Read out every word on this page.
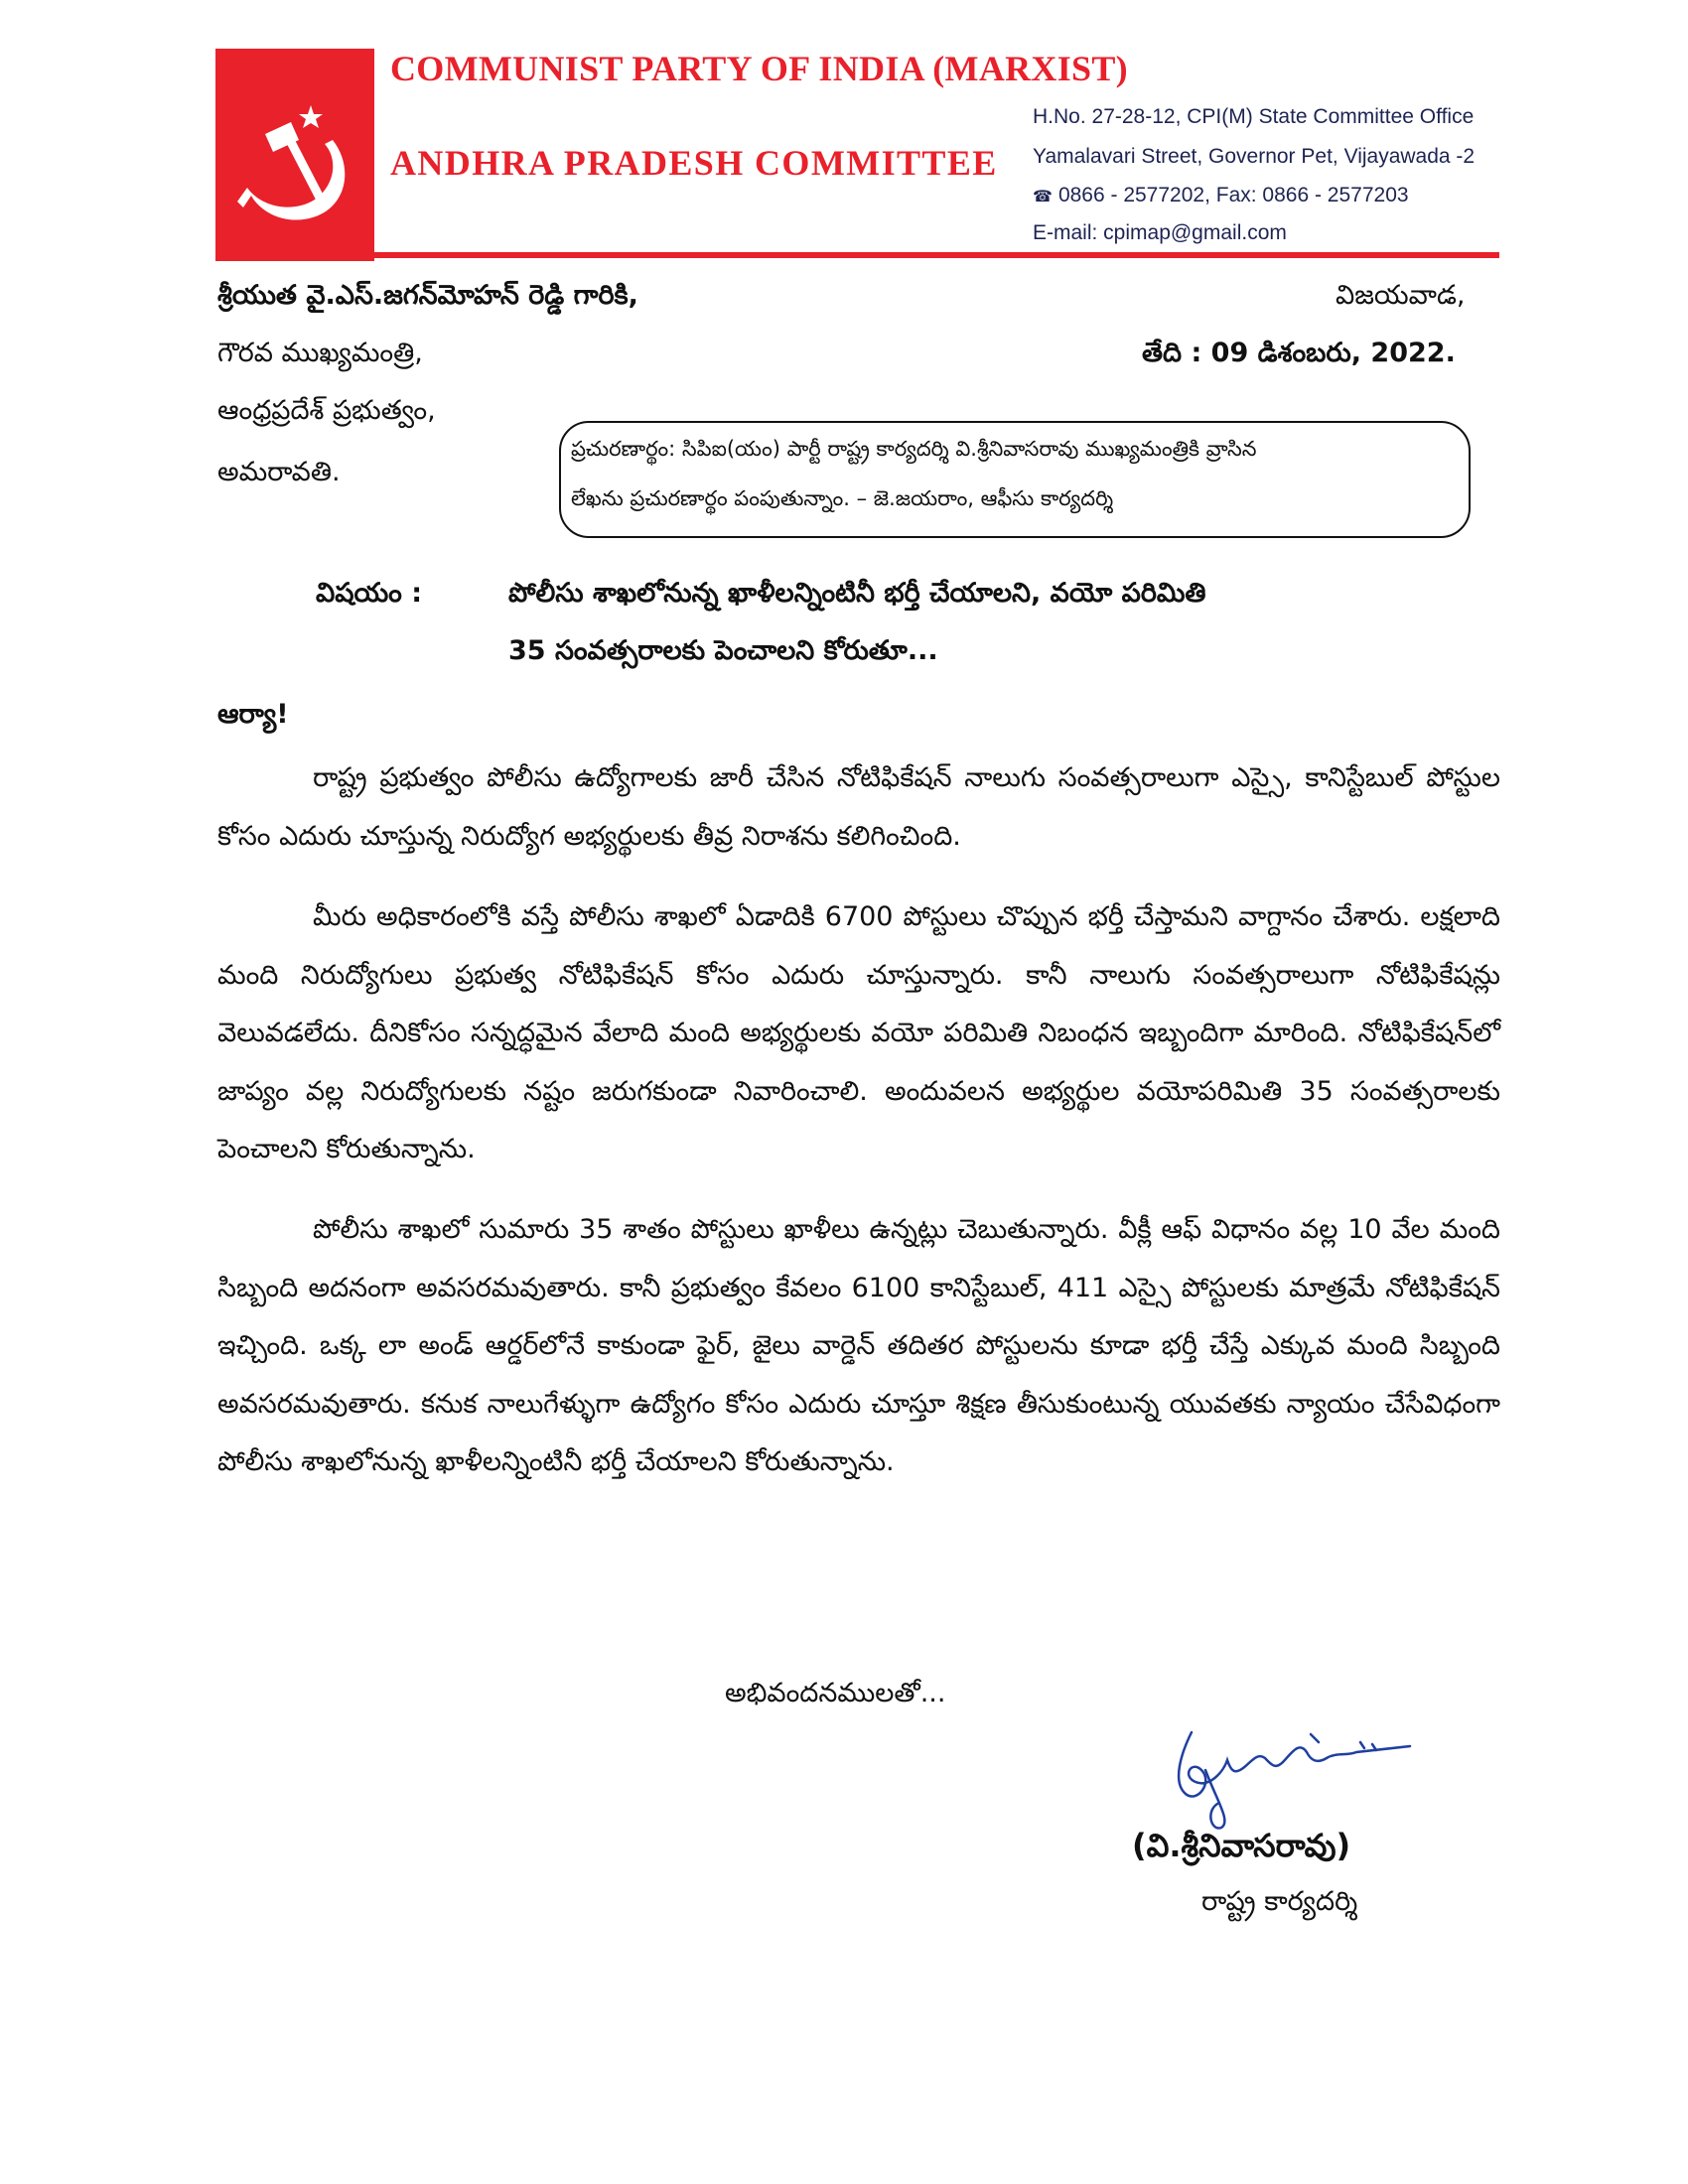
COMMUNIST PARTY OF INDIA (MARXIST)
ANDHRA PRADESH COMMITTEE
H.No. 27-28-12, CPI(M) State Committee Office
Yamalavari Street, Governor Pet, Vijayawada -2
☎ 0866 - 2577202, Fax: 0866 - 2577203
E-mail: cpimap@gmail.com
శ్రీయుత వై.ఎస్.జగన్‌మోహన్ రెడ్డి గారికి,
గౌరవ ముఖ్యమంత్రి,
ఆంధ్రప్రదేశ్ ప్రభుత్వం,
అమరావతి.
విజయవాడ,
తేది : 09 డిశంబరు, 2022.
ప్రచురణార్థం: సిపిఐ(యం) పార్టీ రాష్ట్ర కార్యదర్శి వి.శ్రీనివాసరావు ముఖ్యమంత్రికి వ్రాసిన
లేఖను ప్రచురణార్థం పంపుతున్నాం. – జె.జయరాం, ఆఫీసు కార్యదర్శి
విషయం :	పోలీసు శాఖలోనున్న ఖాళీలన్నింటినీ భర్తీ చేయాలని, వయో పరిమితి
35 సంవత్సరాలకు పెంచాలని కోరుతూ...
ఆర్యా!
రాష్ట్ర ప్రభుత్వం పోలీసు ఉద్యోగాలకు జారీ చేసిన నోటిఫికేషన్ నాలుగు సంవత్సరాలుగా ఎస్సై, కానిస్టేబుల్ పోస్టుల కోసం ఎదురు చూస్తున్న నిరుద్యోగ అభ్యర్థులకు తీవ్ర నిరాశను కలిగించింది.
మీరు అధికారంలోకి వస్తే పోలీసు శాఖలో ఏడాదికి 6700 పోస్టులు చొప్పున భర్తీ చేస్తామని వాగ్దానం చేశారు. లక్షలాది మంది నిరుద్యోగులు ప్రభుత్వ నోటిఫికేషన్ కోసం ఎదురు చూస్తున్నారు. కానీ నాలుగు సంవత్సరాలుగా నోటిఫికేషన్లు వెలువడలేదు. దీనికోసం సన్నద్ధమైన వేలాది మంది అభ్యర్థులకు వయో పరిమితి నిబంధన ఇబ్బందిగా మారింది. నోటిఫికేషన్‌లో జాప్యం వల్ల నిరుద్యోగులకు నష్టం జరుగకుండా నివారించాలి. అందువలన అభ్యర్థుల వయోపరిమితి 35 సంవత్సరాలకు పెంచాలని కోరుతున్నాను.
పోలీసు శాఖలో సుమారు 35 శాతం పోస్టులు ఖాళీలు ఉన్నట్లు చెబుతున్నారు. వీక్లీ ఆఫ్ విధానం వల్ల 10 వేల మంది సిబ్బంది అదనంగా అవసరమవుతారు. కానీ ప్రభుత్వం కేవలం 6100 కానిస్టేబుల్, 411 ఎస్సై పోస్టులకు మాత్రమే నోటిఫికేషన్ ఇచ్చింది. ఒక్క లా అండ్ ఆర్డర్‌లోనే కాకుండా ఫైర్, జైలు వార్డెన్ తదితర పోస్టులను కూడా భర్తీ చేస్తే ఎక్కువ మంది సిబ్బంది అవసరమవుతారు. కనుక నాలుగేళ్ళుగా ఉద్యోగం కోసం ఎదురు చూస్తూ శిక్షణ తీసుకుంటున్న యువతకు న్యాయం చేసేవిధంగా పోలీసు శాఖలోనున్న ఖాళీలన్నింటినీ భర్తీ చేయాలని కోరుతున్నాను.
అభివందనములతో...
(వి.శ్రీనివాసరావు)
రాష్ట్ర కార్యదర్శి
